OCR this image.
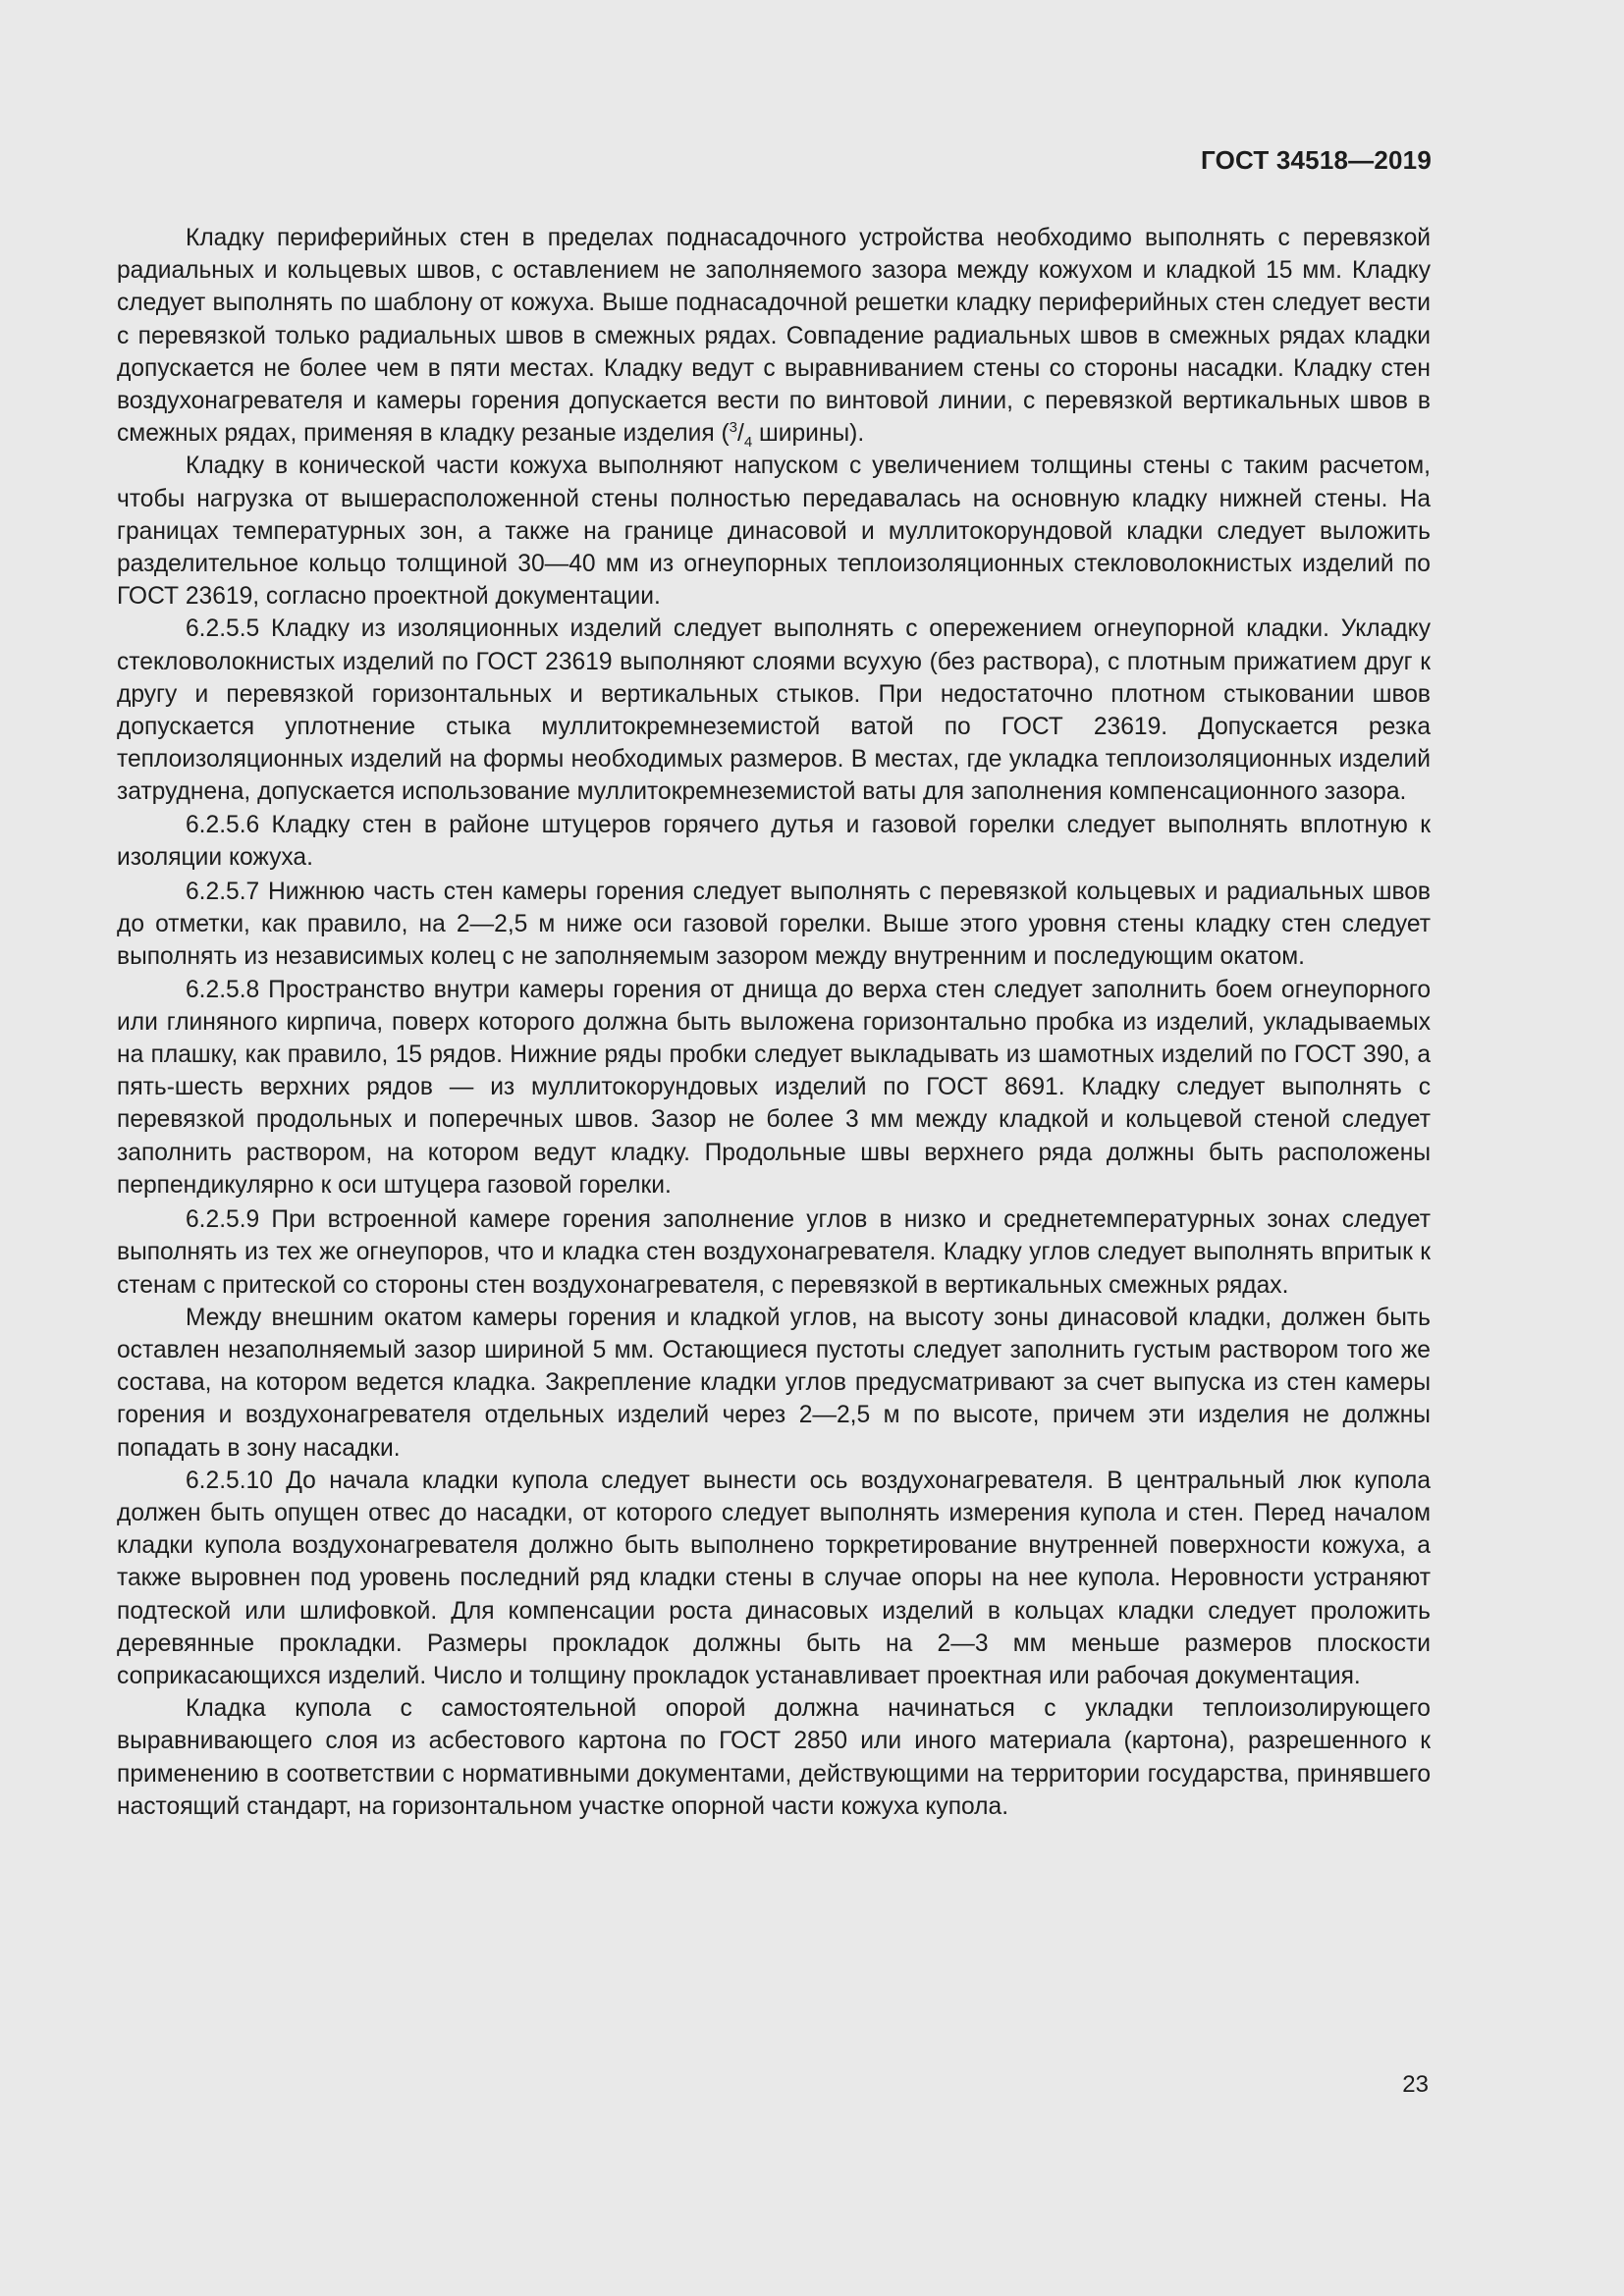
ГОСТ 34518—2019

Кладку периферийных стен в пределах поднасадочного устройства необходимо выполнять с перевязкой радиальных и кольцевых швов, с оставлением не заполняемого зазора между кожухом и кладкой 15 мм. Кладку следует выполнять по шаблону от кожуха. Выше поднасадочной решетки кладку периферийных стен следует вести с перевязкой только радиальных швов в смежных рядах. Совпадение радиальных швов в смежных рядах кладки допускается не более чем в пяти местах. Кладку ведут с выравниванием стены со стороны насадки. Кладку стен воздухонагревателя и камеры горения допускается вести по винтовой линии, с перевязкой вертикальных швов в смежных рядах, применяя в кладку резаные изделия ($^3/_4$ ширины).

Кладку в конической части кожуха выполняют напуском с увеличением толщины стены с таким расчетом, чтобы нагрузка от вышерасположенной стены полностью передавалась на основную кладку нижней стены. На границах температурных зон, а также на границе динасовой и муллитокорундовой кладки следует выложить разделительное кольцо толщиной 30—40 мм из огнеупорных теплоизоляционных стекловолокнистых изделий по ГОСТ 23619, согласно проектной документации.

6.2.5.5 Кладку из изоляционных изделий следует выполнять с опережением огнеупорной кладки. Укладку стекловолокнистых изделий по ГОСТ 23619 выполняют слоями всухую (без раствора), с плотным прижатием друг к другу и перевязкой горизонтальных и вертикальных стыков. При недостаточно плотном стыковании швов допускается уплотнение стыка муллитокремнеземистой ватой по ГОСТ 23619. Допускается резка теплоизоляционных изделий на формы необходимых размеров. В местах, где укладка теплоизоляционных изделий затруднена, допускается использование муллитокремнеземистой ваты для заполнения компенсационного зазора.

6.2.5.6 Кладку стен в районе штуцеров горячего дутья и газовой горелки следует выполнять вплотную к изоляции кожуха.

6.2.5.7 Нижнюю часть стен камеры горения следует выполнять с перевязкой кольцевых и радиальных швов до отметки, как правило, на 2—2,5 м ниже оси газовой горелки. Выше этого уровня стены кладку стен следует выполнять из независимых колец с не заполняемым зазором между внутренним и последующим окатом.

6.2.5.8 Пространство внутри камеры горения от днища до верха стен следует заполнить боем огнеупорного или глиняного кирпича, поверх которого должна быть выложена горизонтально пробка из изделий, укладываемых на плашку, как правило, 15 рядов. Нижние ряды пробки следует выкладывать из шамотных изделий по ГОСТ 390, а пять-шесть верхних рядов — из муллитокорундовых изделий по ГОСТ 8691. Кладку следует выполнять с перевязкой продольных и поперечных швов. Зазор не более 3 мм между кладкой и кольцевой стеной следует заполнить раствором, на котором ведут кладку. Продольные швы верхнего ряда должны быть расположены перпендикулярно к оси штуцера газовой горелки.

6.2.5.9 При встроенной камере горения заполнение углов в низко и среднетемпературных зонах следует выполнять из тех же огнеупоров, что и кладка стен воздухонагревателя. Кладку углов следует выполнять впритык к стенам с притеской со стороны стен воздухонагревателя, с перевязкой в вертикальных смежных рядах.

Между внешним окатом камеры горения и кладкой углов, на высоту зоны динасовой кладки, должен быть оставлен незаполняемый зазор шириной 5 мм. Остающиеся пустоты следует заполнить густым раствором того же состава, на котором ведется кладка. Закрепление кладки углов предусматривают за счет выпуска из стен камеры горения и воздухонагревателя отдельных изделий через 2—2,5 м по высоте, причем эти изделия не должны попадать в зону насадки.

6.2.5.10 До начала кладки купола следует вынести ось воздухонагревателя. В центральный люк купола должен быть опущен отвес до насадки, от которого следует выполнять измерения купола и стен. Перед началом кладки купола воздухонагревателя должно быть выполнено торкретирование внутренней поверхности кожуха, а также выровнен под уровень последний ряд кладки стены в случае опоры на нее купола. Неровности устраняют подтеской или шлифовкой. Для компенсации роста динасовых изделий в кольцах кладки следует проложить деревянные прокладки. Размеры прокладок должны быть на 2—3 мм меньше размеров плоскости соприкасающихся изделий. Число и толщину прокладок устанавливает проектная или рабочая документация.

Кладка купола с самостоятельной опорой должна начинаться с укладки теплоизолирующего выравнивающего слоя из асбестового картона по ГОСТ 2850 или иного материала (картона), разрешенного к применению в соответствии с нормативными документами, действующими на территории государства, принявшего настоящий стандарт, на горизонтальном участке опорной части кожуха купола.

23
